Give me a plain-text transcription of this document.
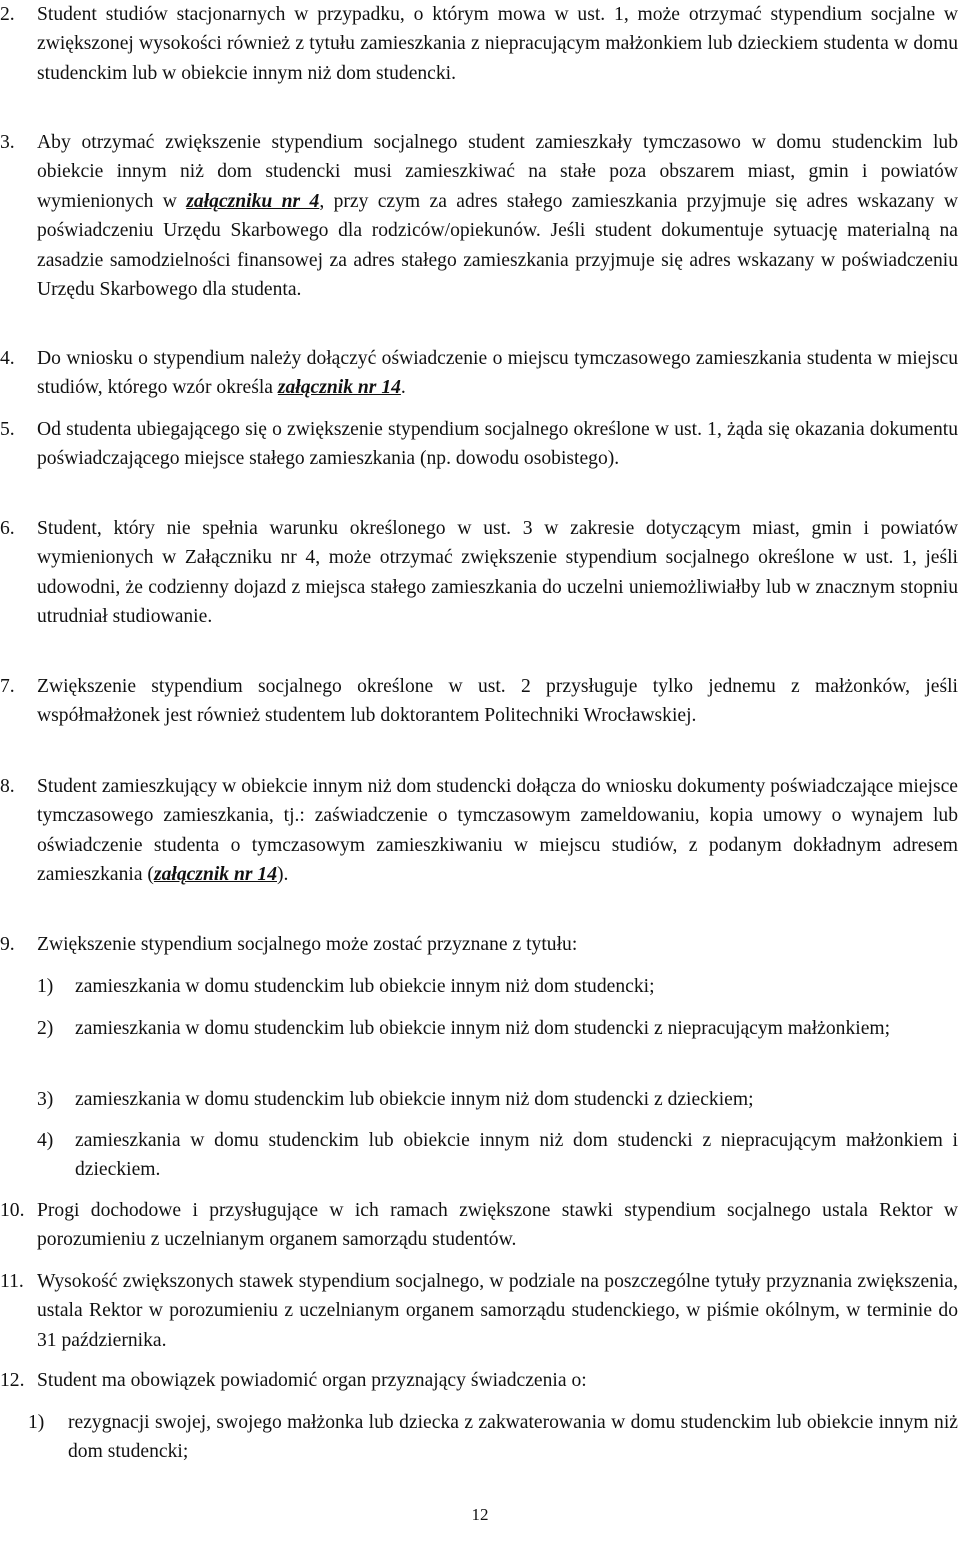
2.	Student studiów stacjonarnych w przypadku, o którym mowa w ust. 1, może otrzymać stypendium socjalne w zwiększonej wysokości również z tytułu zamieszkania z niepracującym małżonkiem lub dzieckiem studenta w domu studenckim lub w obiekcie innym niż dom studencki.
3.	Aby otrzymać zwiększenie stypendium socjalnego student zamieszkały tymczasowo w domu studenckim lub obiekcie innym niż dom studencki musi zamieszkiwać na stałe poza obszarem miast, gmin i powiatów wymienionych w załączniku nr 4, przy czym za adres stałego zamieszkania przyjmuje się adres wskazany w poświadczeniu Urzędu Skarbowego dla rodziców/opiekunów. Jeśli student dokumentuje sytuację materialną na zasadzie samodzielności finansowej za adres stałego zamieszkania przyjmuje się adres wskazany w poświadczeniu Urzędu Skarbowego dla studenta.
4.	Do wniosku o stypendium należy dołączyć oświadczenie o miejscu tymczasowego zamieszkania studenta w miejscu studiów, którego wzór określa załącznik nr 14.
5.	Od studenta ubiegającego się o zwiększenie stypendium socjalnego określone w ust. 1, żąda się okazania dokumentu poświadczającego miejsce stałego zamieszkania (np. dowodu osobistego).
6.	Student, który nie spełnia warunku określonego w ust. 3 w zakresie dotyczącym miast, gmin i powiatów wymienionych w Załączniku nr 4, może otrzymać zwiększenie stypendium socjalnego określone w ust. 1, jeśli udowodni, że codzienny dojazd z miejsca stałego zamieszkania do uczelni uniemożliwiałby lub w znacznym stopniu utrudniał studiowanie.
7.	Zwiększenie stypendium socjalnego określone w ust. 2 przysługuje tylko jednemu z małżonków, jeśli współmałżonek jest również studentem lub doktorantem Politechniki Wrocławskiej.
8.	Student zamieszkujący w obiekcie innym niż dom studencki dołącza do wniosku dokumenty poświadczające miejsce tymczasowego zamieszkania, tj.: zaświadczenie o tymczasowym zameldowaniu, kopia umowy o wynajem lub oświadczenie studenta o tymczasowym zamieszkiwaniu w miejscu studiów, z podanym dokładnym adresem zamieszkania (załącznik nr 14).
9.	Zwiększenie stypendium socjalnego może zostać przyznane z tytułu:
1)	zamieszkania w domu studenckim lub obiekcie innym niż dom studencki;
2)	zamieszkania w domu studenckim lub obiekcie innym niż dom studencki z niepracującym małżonkiem;
3)	zamieszkania w domu studenckim lub obiekcie innym niż dom studencki z dzieckiem;
4)	zamieszkania w domu studenckim lub obiekcie innym niż dom studencki z niepracującym małżonkiem i dzieckiem.
10. Progi dochodowe i przysługujące w ich ramach zwiększone stawki stypendium socjalnego ustala Rektor w porozumieniu z uczelnianym organem samorządu studentów.
11. Wysokość zwiększonych stawek stypendium socjalnego, w podziale na poszczególne tytuły przyznania zwiększenia, ustala Rektor w porozumieniu z uczelnianym organem samorządu studenckiego, w piśmie okólnym, w terminie do 31 października.
12. Student ma obowiązek powiadomić organ przyznający świadczenia o:
1)	rezygnacji swojej, swojego małżonka lub dziecka z zakwaterowania w domu studenckim lub obiekcie innym niż dom studencki;
12
